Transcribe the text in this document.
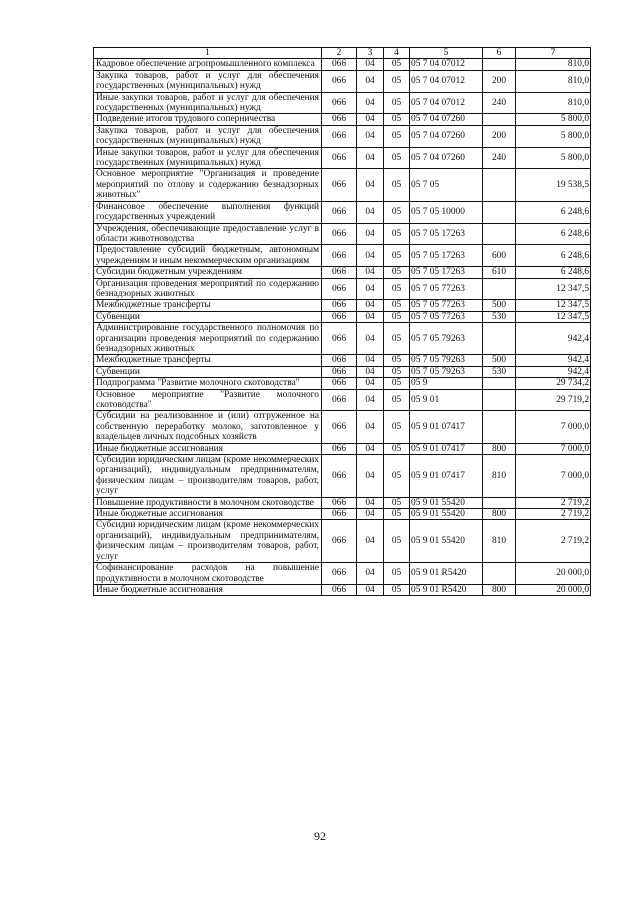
1	2	3	4	5	6	7
Кадровое обеспечение агропромышленного комплекса	066	04	05	05 7 04 07012		810,0
Закупка товаров, работ и услуг для обеспечения государственных (муниципальных) нужд	066	04	05	05 7 04 07012	200	810,0
Иные закупки товаров, работ и услуг для обеспечения государственных (муниципальных) нужд	066	04	05	05 7 04 07012	240	810,0
Подведение итогов трудового соперничества	066	04	05	05 7 04 07260		5 800,0
Закупка товаров, работ и услуг для обеспечения государственных (муниципальных) нужд	066	04	05	05 7 04 07260	200	5 800,0
Иные закупки товаров, работ и услуг для обеспечения государственных (муниципальных) нужд	066	04	05	05 7 04 07260	240	5 800,0
Основное мероприятие "Организация и проведение мероприятий по отлову и содержанию безнадзорных животных"	066	04	05	05 7 05		19 538,5
Финансовое обеспечение выполнения функций государственных учреждений	066	04	05	05 7 05 10000		6 248,6
Учреждения, обеспечивающие предоставление услуг в области животноводства	066	04	05	05 7 05 17263		6 248,6
Предоставление субсидий бюджетным, автономным учреждениям и иным некоммерческим организациям	066	04	05	05 7 05 17263	600	6 248,6
Субсидии бюджетным учреждениям	066	04	05	05 7 05 17263	610	6 248,6
Организация проведения мероприятий по содержанию безнадзорных животных	066	04	05	05 7 05 77263		12 347,5
Межбюджетные трансферты	066	04	05	05 7 05 77263	500	12 347,5
Субвенции	066	04	05	05 7 05 77263	530	12 347,5
Администрирование государственного полномочия по организации проведения мероприятий по содержанию безнадзорных животных	066	04	05	05 7 05 79263		942,4
Межбюджетные трансферты	066	04	05	05 7 05 79263	500	942,4
Субвенции	066	04	05	05 7 05 79263	530	942,4
Подпрограмма "Развитие молочного скотоводства"	066	04	05	05 9		29 734,2
Основное мероприятие "Развитие молочного скотоводства"	066	04	05	05 9 01		29 719,2
Субсидии на реализованное и (или) отгруженное на собственную переработку молоко, заготовленное у владельцев личных подсобных хозяйств	066	04	05	05 9 01 07417		7 000,0
Иные бюджетные ассигнования	066	04	05	05 9 01 07417	800	7 000,0
Субсидии юридическим лицам (кроме некоммерческих организаций), индивидуальным предпринимателям, физическим лицам – производителям товаров, работ, услуг	066	04	05	05 9 01 07417	810	7 000,0
Повышение продуктивности в молочном скотоводстве	066	04	05	05 9 01 55420		2 719,2
Иные бюджетные ассигнования	066	04	05	05 9 01 55420	800	2 719,2
Субсидии юридическим лицам (кроме некоммерческих организаций), индивидуальным предпринимателям, физическим лицам – производителям товаров, работ, услуг	066	04	05	05 9 01 55420	810	2 719,2
Софинансирование расходов на повышение продуктивности в молочном скотоводстве	066	04	05	05 9 01 R5420		20 000,0
Иные бюджетные ассигнования	066	04	05	05 9 01 R5420	800	20 000,0
92
